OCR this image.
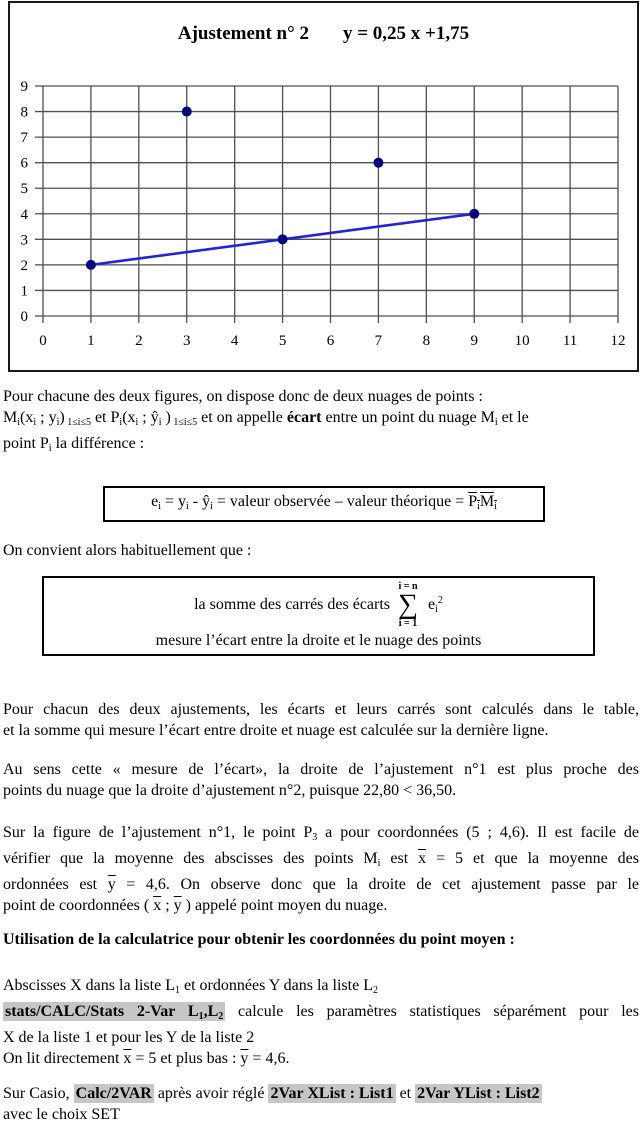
0
1
2
3
4
5
6
7
8
9
0	1	2	3	4	5	6	7	8	9 10 11 12
Ajustement n° 2 y = 0,25 x +1,75
Pour chacune des deux figures, on dispose donc de deux nuages de points :
Mi(xi ; yi) 1≤i≤5 et Pi(xi ; ŷi ) 1≤i≤5 et on appelle écart entre un point du nuage Mi et le
point Pi la différence :
ei = yi - ŷi = valeur observée – valeur théorique = PiMi
On convient alors habituellement que :
la somme des carrés des écarts
i = n
∑
i = 1
$ei^2$
mesure l’écart entre la droite et le nuage des points
Pour chacun des deux ajustements, les écarts et leurs carrés sont calculés dans le table,
et la somme qui mesure l’écart entre droite et nuage est calculée sur la dernière ligne.
Au sens cette « mesure de l’écart», la droite de l’ajustement n°1 est plus proche des
points du nuage que la droite d’ajustement n°2, puisque 22,80 < 36,50.
Sur la figure de l’ajustement n°1, le point P3 a pour coordonnées (5 ; 4,6). Il est facile de
vérifier que la moyenne des abscisses des points Mi est $\overline{x} = 5$ et que la moyenne des
ordonnées est $\overline{y} = 4,6$. On observe donc que la droite de cet ajustement passe par le
point de coordonnées ( $\overline{x}$ ; $\overline{y}$ ) appelé point moyen du nuage.
Utilisation de la calculatrice pour obtenir les coordonnées du point moyen :
Abscisses X dans la liste L1 et ordonnées Y dans la liste L2
stats/CALC/Stats 2-Var L1,L2 calcule les paramètres statistiques séparément pour les
X de la liste 1 et pour les Y de la liste 2
On lit directement $\overline{x} = 5$ et plus bas : $\overline{y} = 4,6$.
Sur Casio, Calc/2VAR après avoir réglé 2Var XList : List1 et 2Var YList : List2
avec le choix SET
